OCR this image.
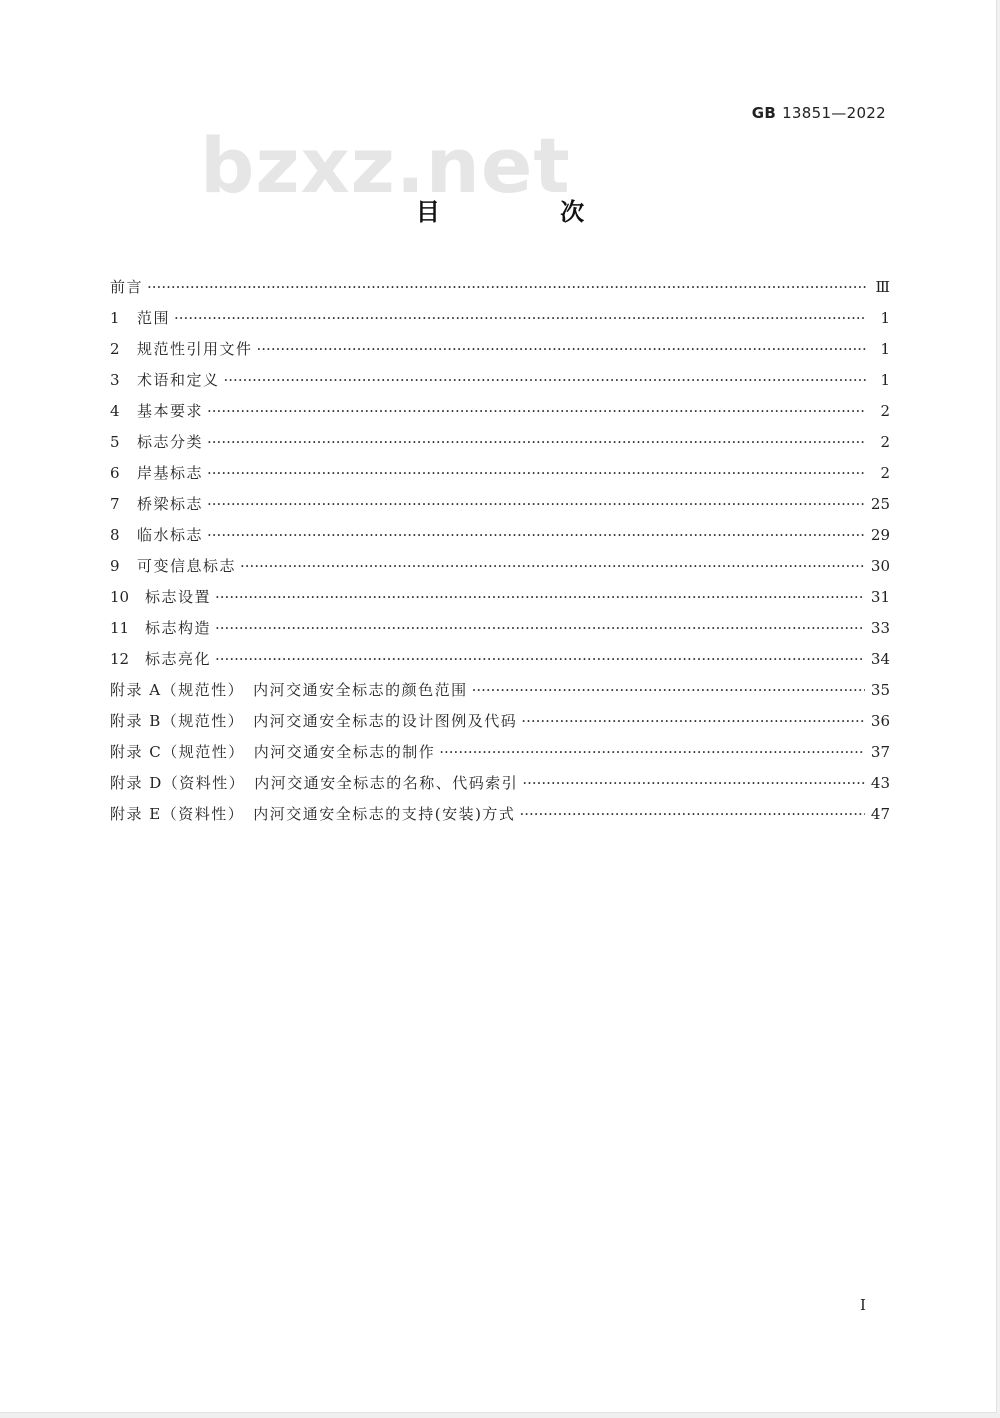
GB 13851—2022
bzxz.net
目 次
前言 ·····	Ⅲ
1	范围 ·····	1
2	规范性引用文件 ·····	1
3	术语和定义 ·····	1
4	基本要求 ·····	2
5	标志分类 ·····	2
6	岸基标志 ·····	2
7	桥梁标志 ·····	25
8	临水标志 ·····	29
9	可变信息标志 ·····	30
10	标志设置 ·····	31
11	标志构造 ·····	33
12	标志亮化 ·····	34
附录 A（规范性）　内河交通安全标志的颜色范围 ·····	35
附录 B（规范性）　内河交通安全标志的设计图例及代码 ·····	36
附录 C（规范性）　内河交通安全标志的制作 ·····	37
附录 D（资料性）　内河交通安全标志的名称、代码索引 ·····	43
附录 E（资料性）　内河交通安全标志的支持(安装)方式 ·····	47
I
